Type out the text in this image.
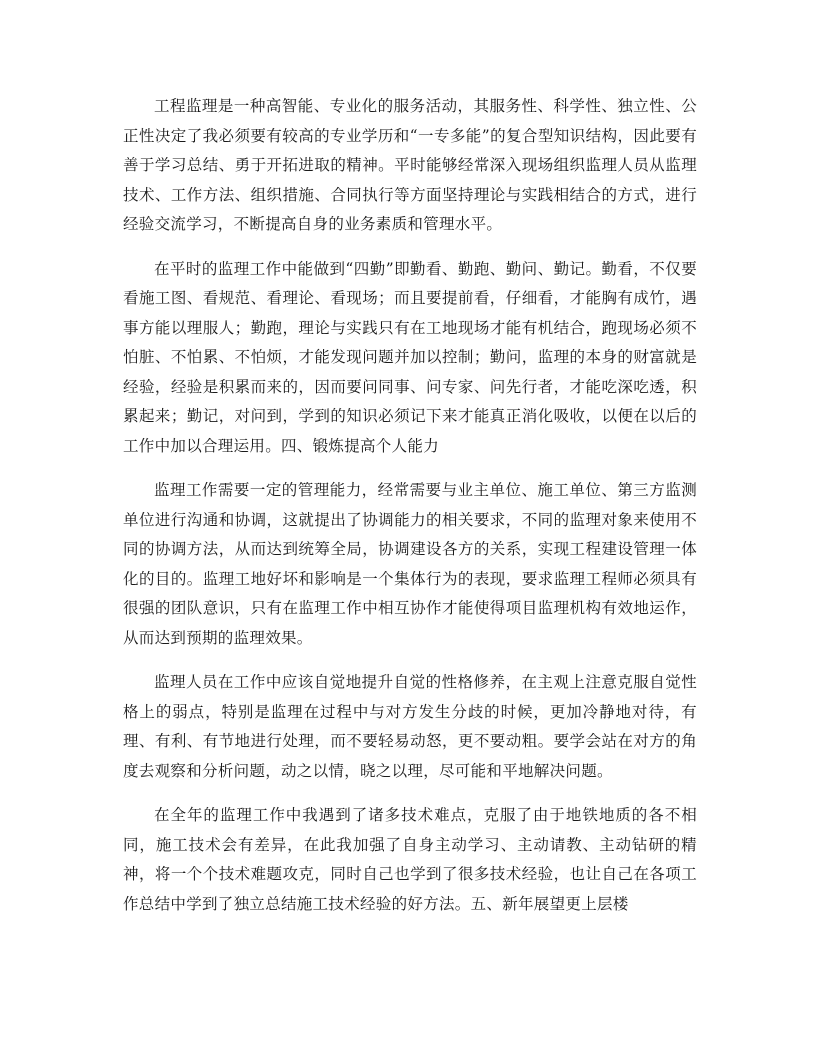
工程监理是一种高智能、专业化的服务活动，其服务性、科学性、独立性、公正性决定了我必须要有较高的专业学历和“一专多能”的复合型知识结构，因此要有善于学习总结、勇于开拓进取的精神。平时能够经常深入现场组织监理人员从监理技术、工作方法、组织措施、合同执行等方面坚持理论与实践相结合的方式，进行经验交流学习，不断提高自身的业务素质和管理水平。

在平时的监理工作中能做到“四勤”即勤看、勤跑、勤问、勤记。勤看，不仅要看施工图、看规范、看理论、看现场；而且要提前看，仔细看，才能胸有成竹，遇事方能以理服人；勤跑，理论与实践只有在工地现场才能有机结合，跑现场必须不怕脏、不怕累、不怕烦，才能发现问题并加以控制；勤问，监理的本身的财富就是经验，经验是积累而来的，因而要问同事、问专家、问先行者，才能吃深吃透，积累起来；勤记，对问到，学到的知识必须记下来才能真正消化吸收，以便在以后的工作中加以合理运用。四、锻炼提高个人能力

监理工作需要一定的管理能力，经常需要与业主单位、施工单位、第三方监测单位进行沟通和协调，这就提出了协调能力的相关要求，不同的监理对象来使用不同的协调方法，从而达到统筹全局，协调建设各方的关系，实现工程建设管理一体化的目的。监理工地好坏和影响是一个集体行为的表现，要求监理工程师必须具有很强的团队意识，只有在监理工作中相互协作才能使得项目监理机构有效地运作，从而达到预期的监理效果。

监理人员在工作中应该自觉地提升自觉的性格修养，在主观上注意克服自觉性格上的弱点，特别是监理在过程中与对方发生分歧的时候，更加冷静地对待，有理、有利、有节地进行处理，而不要轻易动怒，更不要动粗。要学会站在对方的角度去观察和分析问题，动之以情，晓之以理，尽可能和平地解决问题。

在全年的监理工作中我遇到了诸多技术难点，克服了由于地铁地质的各不相同，施工技术会有差异，在此我加强了自身主动学习、主动请教、主动钻研的精神，将一个个技术难题攻克，同时自己也学到了很多技术经验，也让自己在各项工作总结中学到了独立总结施工技术经验的好方法。五、新年展望更上层楼
